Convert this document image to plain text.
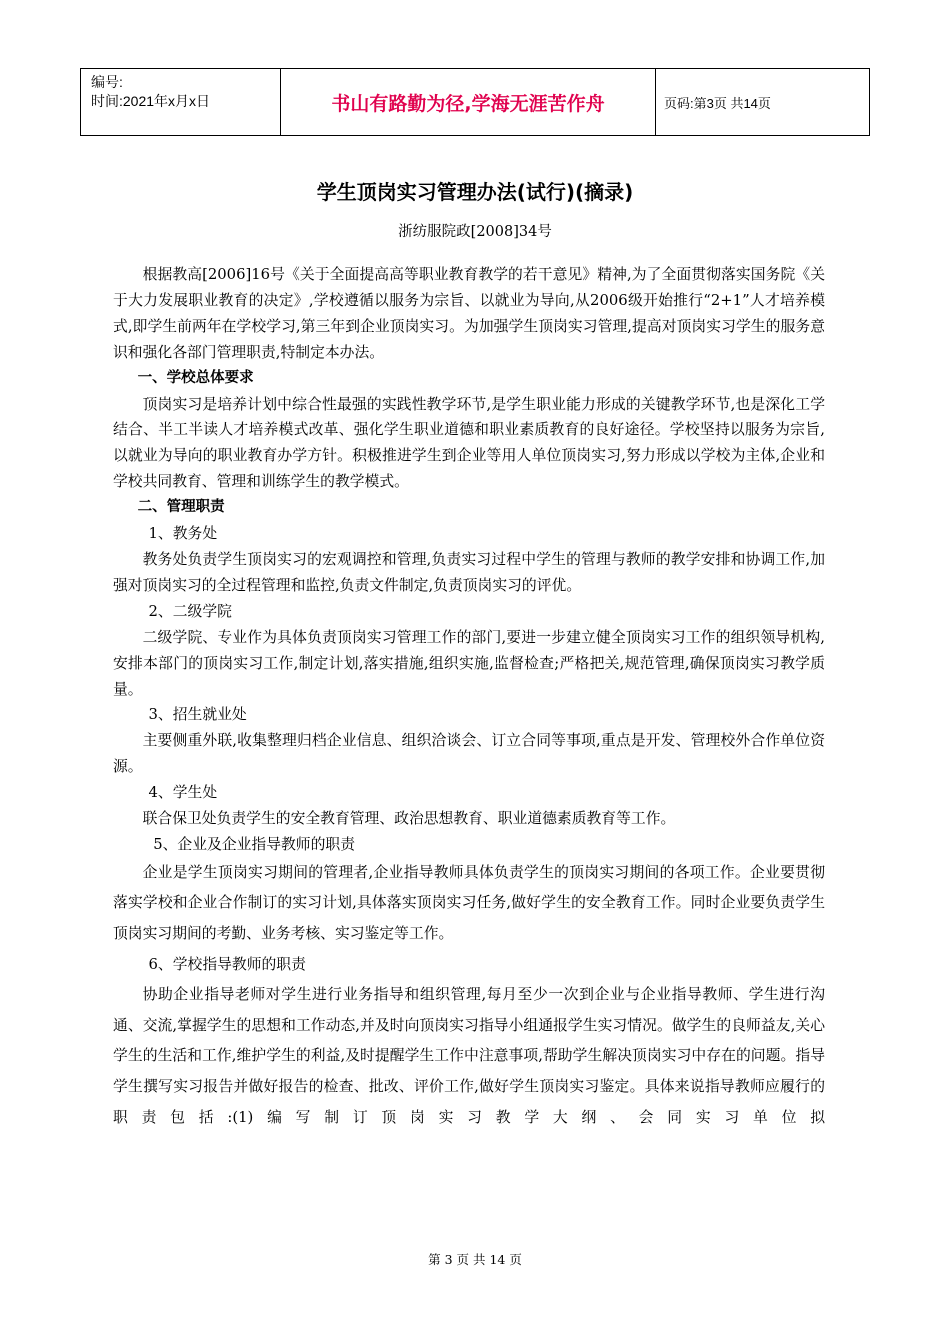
编号:
时间:2021年x月x日	书山有路勤为径,学海无涯苦作舟	页码:第3页 共14页
学生顶岗实习管理办法(试行)(摘录)
浙纺服院政[2008]34号

根据教高[2006]16号《关于全面提高高等职业教育教学的若干意见》精神,为了全面贯彻落实国务院《关于大力发展职业教育的决定》,学校遵循以服务为宗旨、以就业为导向,从2006级开始推行“2+1”人才培养模式,即学生前两年在学校学习,第三年到企业顶岗实习。为加强学生顶岗实习管理,提高对顶岗实习学生的服务意识和强化各部门管理职责,特制定本办法。

一、学校总体要求

顶岗实习是培养计划中综合性最强的实践性教学环节,是学生职业能力形成的关键教学环节,也是深化工学结合、半工半读人才培养模式改革、强化学生职业道德和职业素质教育的良好途径。学校坚持以服务为宗旨,以就业为导向的职业教育办学方针。积极推进学生到企业等用人单位顶岗实习,努力形成以学校为主体,企业和学校共同教育、管理和训练学生的教学模式。

二、管理职责

1、教务处

教务处负责学生顶岗实习的宏观调控和管理,负责实习过程中学生的管理与教师的教学安排和协调工作,加强对顶岗实习的全过程管理和监控,负责文件制定,负责顶岗实习的评优。

2、二级学院

二级学院、专业作为具体负责顶岗实习管理工作的部门,要进一步建立健全顶岗实习工作的组织领导机构,安排本部门的顶岗实习工作,制定计划,落实措施,组织实施,监督检查;严格把关,规范管理,确保顶岗实习教学质量。

3、招生就业处

主要侧重外联,收集整理归档企业信息、组织洽谈会、订立合同等事项,重点是开发、管理校外合作单位资源。

4、学生处

联合保卫处负责学生的安全教育管理、政治思想教育、职业道德素质教育等工作。

5、企业及企业指导教师的职责

企业是学生顶岗实习期间的管理者,企业指导教师具体负责学生的顶岗实习期间的各项工作。企业要贯彻落实学校和企业合作制订的实习计划,具体落实顶岗实习任务,做好学生的安全教育工作。同时企业要负责学生顶岗实习期间的考勤、业务考核、实习鉴定等工作。

6、学校指导教师的职责

协助企业指导老师对学生进行业务指导和组织管理,每月至少一次到企业与企业指导教师、学生进行沟通、交流,掌握学生的思想和工作动态,并及时向顶岗实习指导小组通报学生实习情况。做学生的良师益友,关心学生的生活和工作,维护学生的利益,及时提醒学生工作中注意事项,帮助学生解决顶岗实习中存在的问题。指导学生撰写实习报告并做好报告的检查、批改、评价工作,做好学生顶岗实习鉴定。具体来说指导教师应履行的职责包括:(1)编写制订顶岗实习教学大纲、会同实习单位拟

第 3 页 共 14 页
